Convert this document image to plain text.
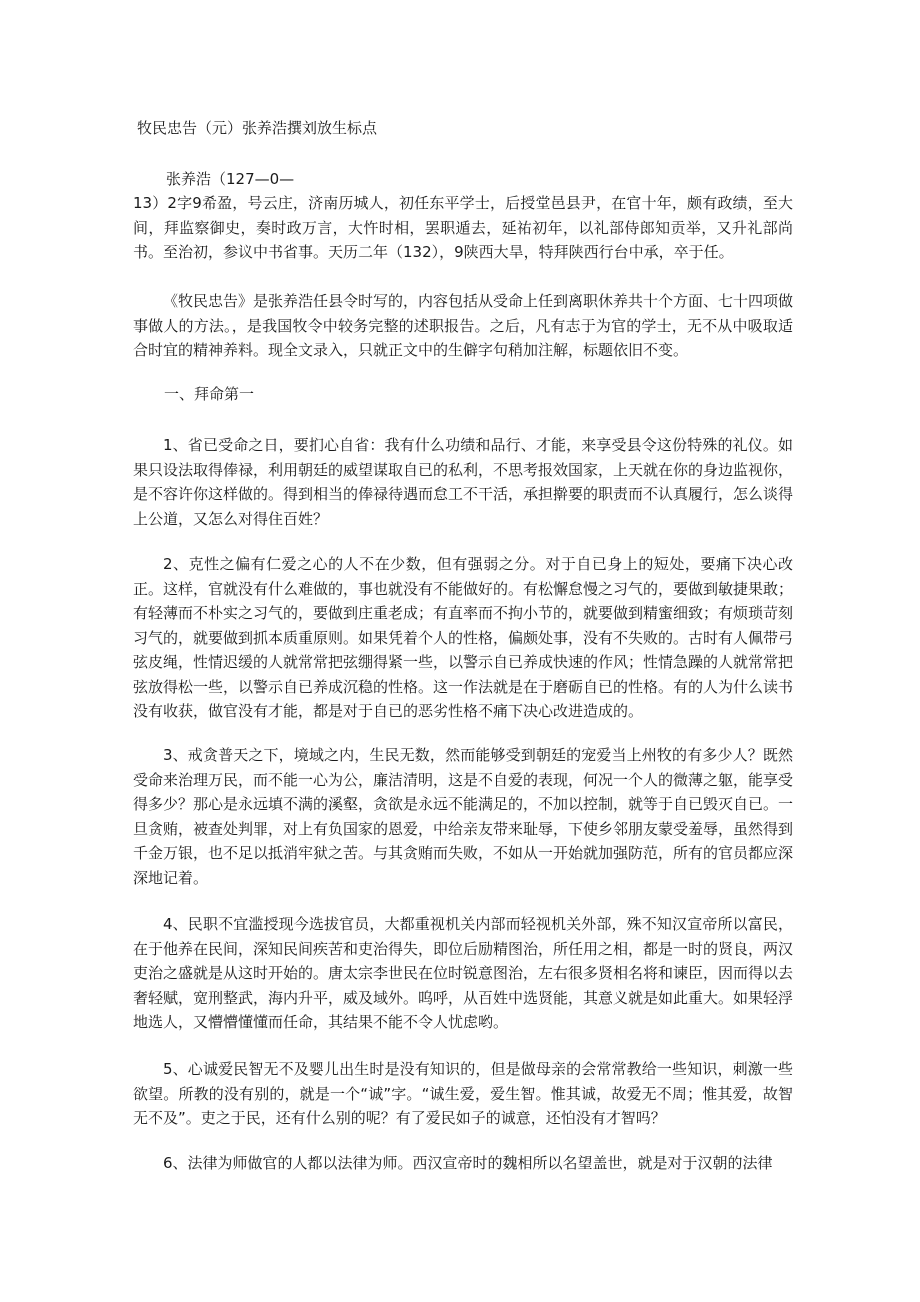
牧民忠告（元）张养浩撰刘放生标点
张养浩（127—0—
13）2字9希盈，号云庄，济南历城人，初任东平学士，后授堂邑县尹，在官十年，颇有政绩，至大间，拜监察御史，奏时政万言，大忤时相，罢职遁去，延祐初年，以礼部侍郎知贡举，又升礼部尚书。至治初，参议中书省事。天历二年（132），9陕西大旱，特拜陕西行台中承，卒于任。
《牧民忠告》是张养浩任县令时写的，内容包括从受命上任到离职休养共十个方面、七十四项做事做人的方法。，是我国牧令中较务完整的述职报告。之后，凡有志于为官的学士，无不从中吸取适合时宜的精神养料。现全文录入，只就正文中的生僻字句稍加注解，标题依旧不变。
一、拜命第一
1、省已受命之日，要扪心自省：我有什么功绩和品行、才能，来享受县令这份特殊的礼仪。如果只设法取得俸禄，利用朝廷的威望谋取自已的私利，不思考报效国家，上天就在你的身边监视你，是不容许你这样做的。得到相当的俸禄待遇而怠工不干活，承担擀要的职责而不认真履行，怎么谈得上公道，又怎么对得住百姓？
2、克性之偏有仁爱之心的人不在少数，但有强弱之分。对于自已身上的短处，要痛下决心改正。这样，官就没有什么难做的，事也就没有不能做好的。有松懈怠慢之习气的，要做到敏捷果敢；有轻薄而不朴实之习气的，要做到庄重老成；有直率而不拘小节的，就要做到精蜜细致；有烦琐苛刻习气的，就要做到抓本质重原则。如果凭着个人的性格，偏颇处事，没有不失败的。古时有人佩带弓弦皮绳，性情迟缓的人就常常把弦绷得紧一些，以警示自已养成快速的作风；性情急躁的人就常常把弦放得松一些，以警示自已养成沉稳的性格。这一作法就是在于磨砺自已的性格。有的人为什么读书没有收获，做官没有才能，都是对于自已的恶劣性格不痛下决心改进造成的。
3、戒贪普天之下，境域之内，生民无数，然而能够受到朝廷的宠爱当上州牧的有多少人？既然受命来治理万民，而不能一心为公，廉洁清明，这是不自爱的表现，何况一个人的微薄之躯，能享受得多少？那心是永远填不满的溪壑，贪欲是永远不能满足的，不加以控制，就等于自已毁灭自已。一旦贪贿，被查处判罪，对上有负国家的恩爱，中给亲友带来耻辱，下使乡邻朋友蒙受羞辱，虽然得到千金万银，也不足以抵消牢狱之苦。与其贪贿而失败，不如从一开始就加强防范，所有的官员都应深深地记着。
4、民职不宜滥授现今选拔官员，大都重视机关内部而轻视机关外部，殊不知汉宣帝所以富民，在于他养在民间，深知民间疾苦和吏治得失，即位后励精图治，所任用之相，都是一时的贤良，两汉吏治之盛就是从这时开始的。唐太宗李世民在位时锐意图治，左右很多贤相名将和谏臣，因而得以去奢轻赋，宽刑整武，海内升平，威及域外。呜呼，从百姓中选贤能，其意义就是如此重大。如果轻浮地选人，又懵懵懂懂而任命，其结果不能不令人忧虑哟。
5、心诚爱民智无不及婴儿出生时是没有知识的，但是做母亲的会常常教给一些知识，刺激一些欲望。所教的没有别的，就是一个“诚”字。“诚生爱，爱生智。惟其诚，故爱无不周；惟其爱，故智无不及”。吏之于民，还有什么别的呢？有了爱民如子的诚意，还怕没有才智吗？
6、法律为师做官的人都以法律为师。西汉宣帝时的魏相所以名望盖世，就是对于汉朝的法律
